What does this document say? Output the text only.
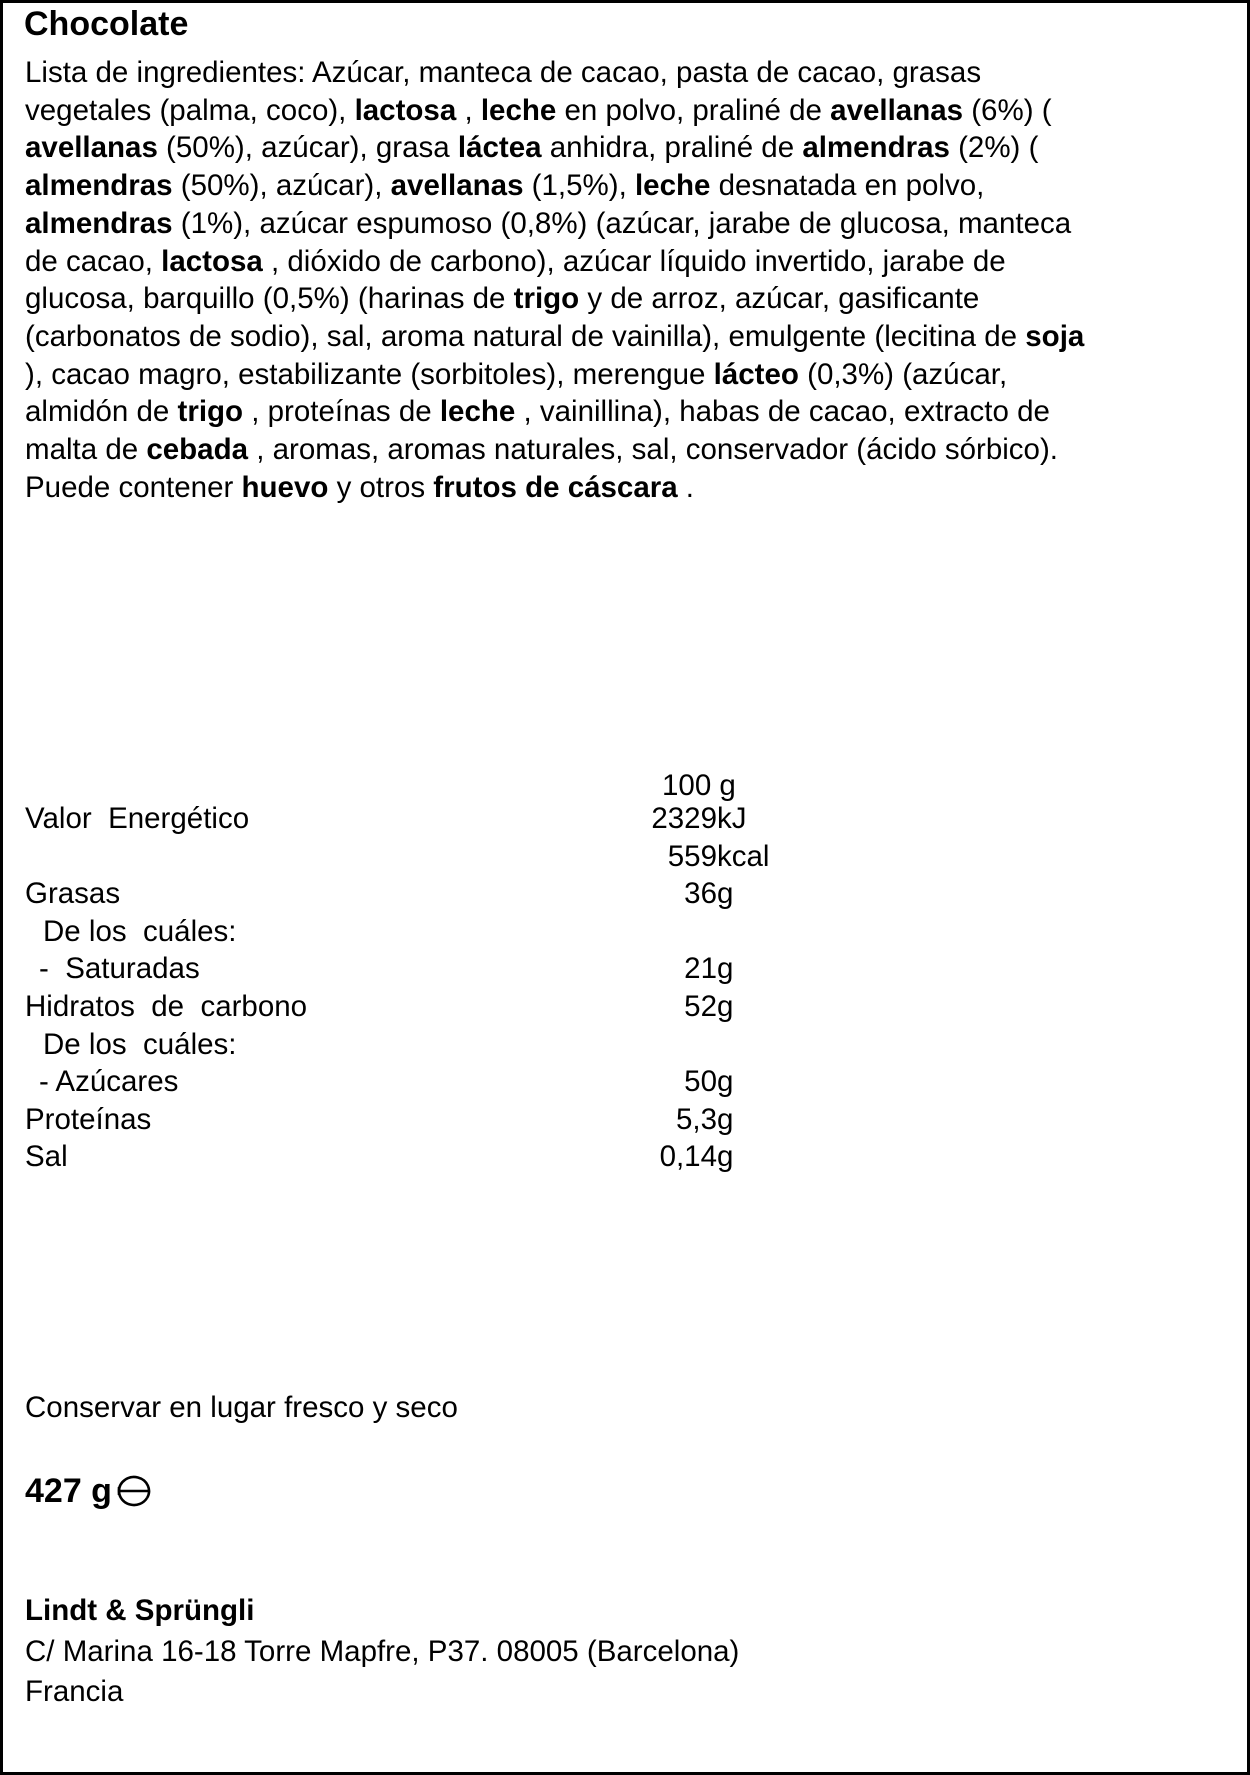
Chocolate
Lista de ingredientes: Azúcar, manteca de cacao, pasta de cacao, grasas
vegetales (palma, coco), lactosa , leche en polvo, praliné de avellanas (6%) (
avellanas (50%), azúcar), grasa láctea anhidra, praliné de almendras (2%) (
almendras (50%), azúcar), avellanas (1,5%), leche desnatada en polvo,
almendras (1%), azúcar espumoso (0,8%) (azúcar, jarabe de glucosa, manteca
de cacao, lactosa , dióxido de carbono), azúcar líquido invertido, jarabe de
glucosa, barquillo (0,5%) (harinas de trigo y de arroz, azúcar, gasificante
(carbonatos de sodio), sal, aroma natural de vainilla), emulgente (lecitina de soja
), cacao magro, estabilizante (sorbitoles), merengue lácteo (0,3%) (azúcar,
almidón de trigo , proteínas de leche , vainillina), habas de cacao, extracto de
malta de cebada , aromas, aromas naturales, sal, conservador (ácido sórbico).
Puede contener huevo y otros frutos de cáscara .
100 g
Valor  Energético	2329 kJ
559 kcal
Grasas	36 g
De los  cuáles:
-  Saturadas	21 g
Hidratos  de  carbono	52 g
De los  cuáles:
- Azúcares	50 g
Proteínas	5,3 g
Sal	0,14 g
Conservar en lugar fresco y seco
427 g
Lindt & Sprüngli
C/ Marina 16-18 Torre Mapfre, P37. 08005 (Barcelona)
Francia
